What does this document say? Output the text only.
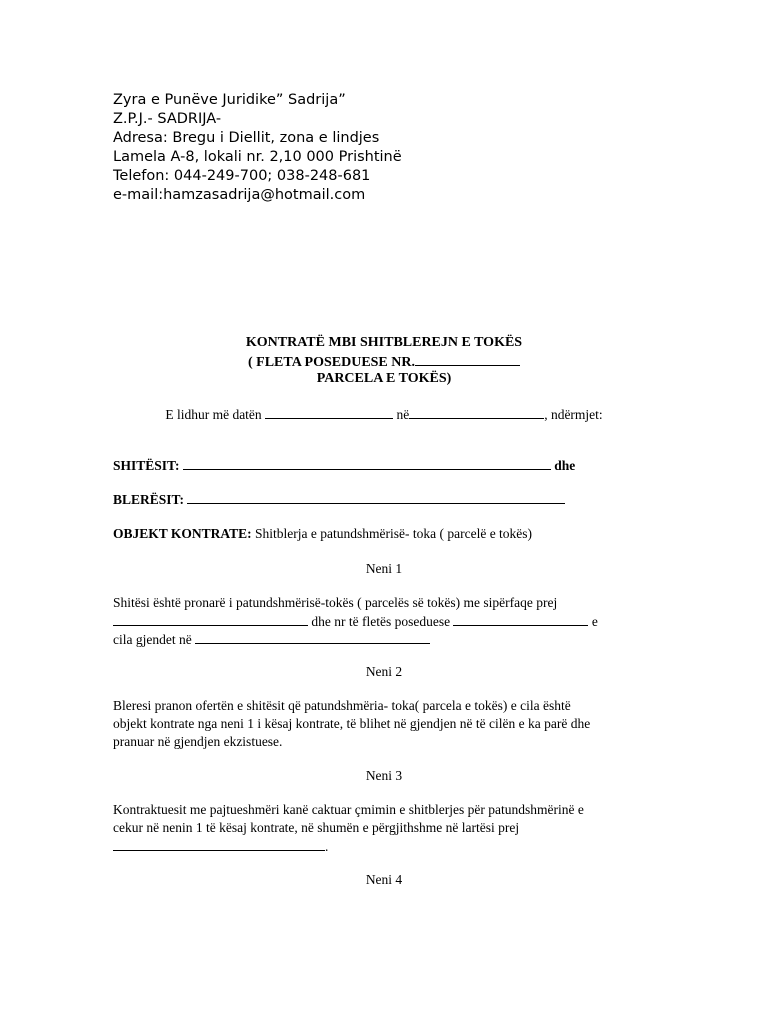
Zyra e Punëve Juridike” Sadrija”
Z.P.J.- SADRIJA-
Adresa: Bregu i Diellit, zona e lindjes
Lamela A-8, lokali nr. 2,10 000 Prishtinë
Telefon: 044-249-700; 038-248-681
e-mail:hamzasadrija@hotmail.com
KONTRATË MBI SHITBLEREJN E TOKËS
( FLETA POSEDUESE NR.
PARCELA E TOKËS)
E lidhur më datën	në	, ndërmjet:
SHITËSIT:	dhe
BLERËSIT:
OBJEKT KONTRATE: Shitblerja e patundshmërisë- toka ( parcelë e tokës)
Neni 1
Shitësi është pronarë i patundshmërisë-tokës ( parcelës së tokës) me sipërfaqe prej
dhe nr të fletës poseduese	e
cila gjendet në
Neni 2
Bleresi pranon ofertën e shitësit që patundshmëria- toka( parcela e tokës) e cila është
objekt kontrate nga neni 1 i kësaj kontrate, të blihet në gjendjen në të cilën e ka parë dhe
pranuar në gjendjen ekzistuese.
Neni 3
Kontraktuesit me pajtueshmëri kanë caktuar çmimin e shitblerjes për patundshmërinë e
cekur në nenin 1 të kësaj kontrate, në shumën e përgjithshme në lartësi prej
.
Neni 4
